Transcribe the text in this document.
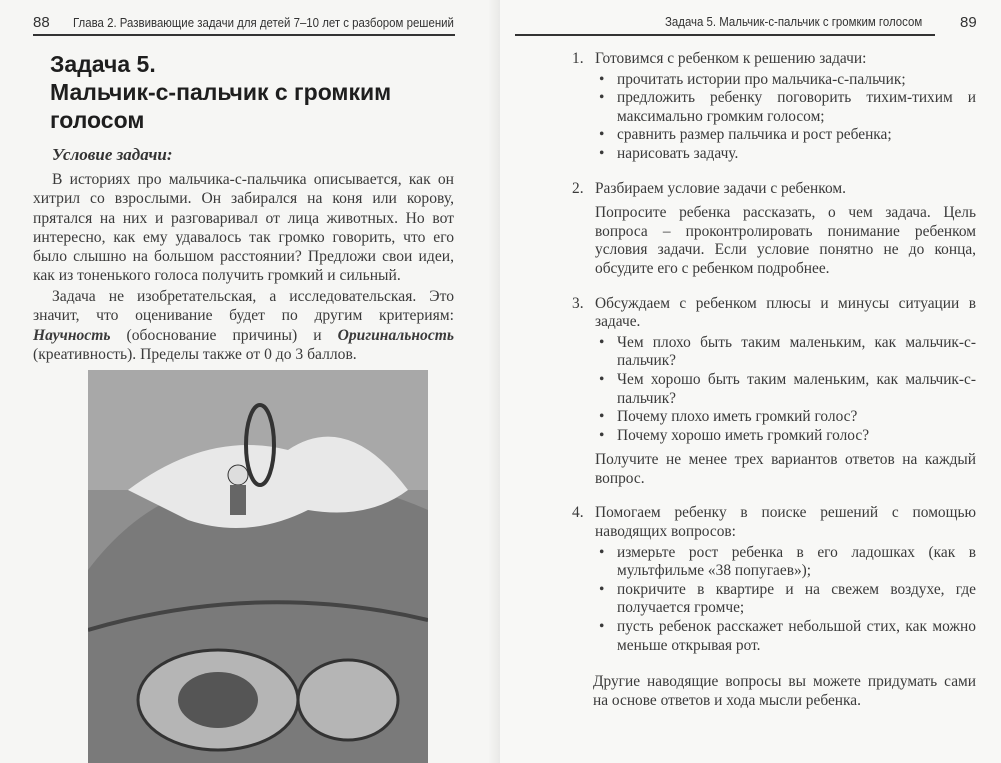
88 Глава 2. Развивающие задачи для детей 7–10 лет с разбором решений
Задача 5.
Мальчик-с-пальчик с громким
голосом
Условие задачи:

В историях про мальчика-с-пальчика описывается, как он хитрил со взрослыми. Он забирался на коня или корову, прятался на них и разговаривал от лица животных. Но вот интересно, как ему удавалось так громко говорить, что его было слышно на большом расстоянии? Предложи свои идеи, как из тоненького голоса получить громкий и сильный.

Задача не изобретательская, а исследовательская. Это значит, что оценивание будет по другим критериям: Научность (обоснование причины) и Оригинальность (креативность). Пределы также от 0 до 3 баллов.

Задача 5. Мальчик-с-пальчик с громким голосом	89
1. Готовимся с ребенком к решению задачи:
• прочитать истории про мальчика-с-пальчик;
• предложить ребенку поговорить тихим-тихим и максимально громким голосом;
• сравнить размер пальчика и рост ребенка;
• нарисовать задачу.
2. Разбираем условие задачи с ребенком.
Попросите ребенка рассказать, о чем задача. Цель вопроса – проконтролировать понимание ребенком условия задачи. Если условие понятно не до конца, обсудите его с ребенком подробнее.
3. Обсуждаем с ребенком плюсы и минусы ситуации в задаче.
• Чем плохо быть таким маленьким, как мальчик-с-пальчик?
• Чем хорошо быть таким маленьким, как мальчик-с-пальчик?
• Почему плохо иметь громкий голос?
• Почему хорошо иметь громкий голос?
Получите не менее трех вариантов ответов на каждый вопрос.
4. Помогаем ребенку в поиске решений с помощью наводящих вопросов:
• измерьте рост ребенка в его ладошках (как в мультфильме «38 попугаев»);
• покричите в квартире и на свежем воздухе, где получается громче;
• пусть ребенок расскажет небольшой стих, как можно меньше открывая рот.
Другие наводящие вопросы вы можете придумать сами на основе ответов и хода мысли ребенка.
